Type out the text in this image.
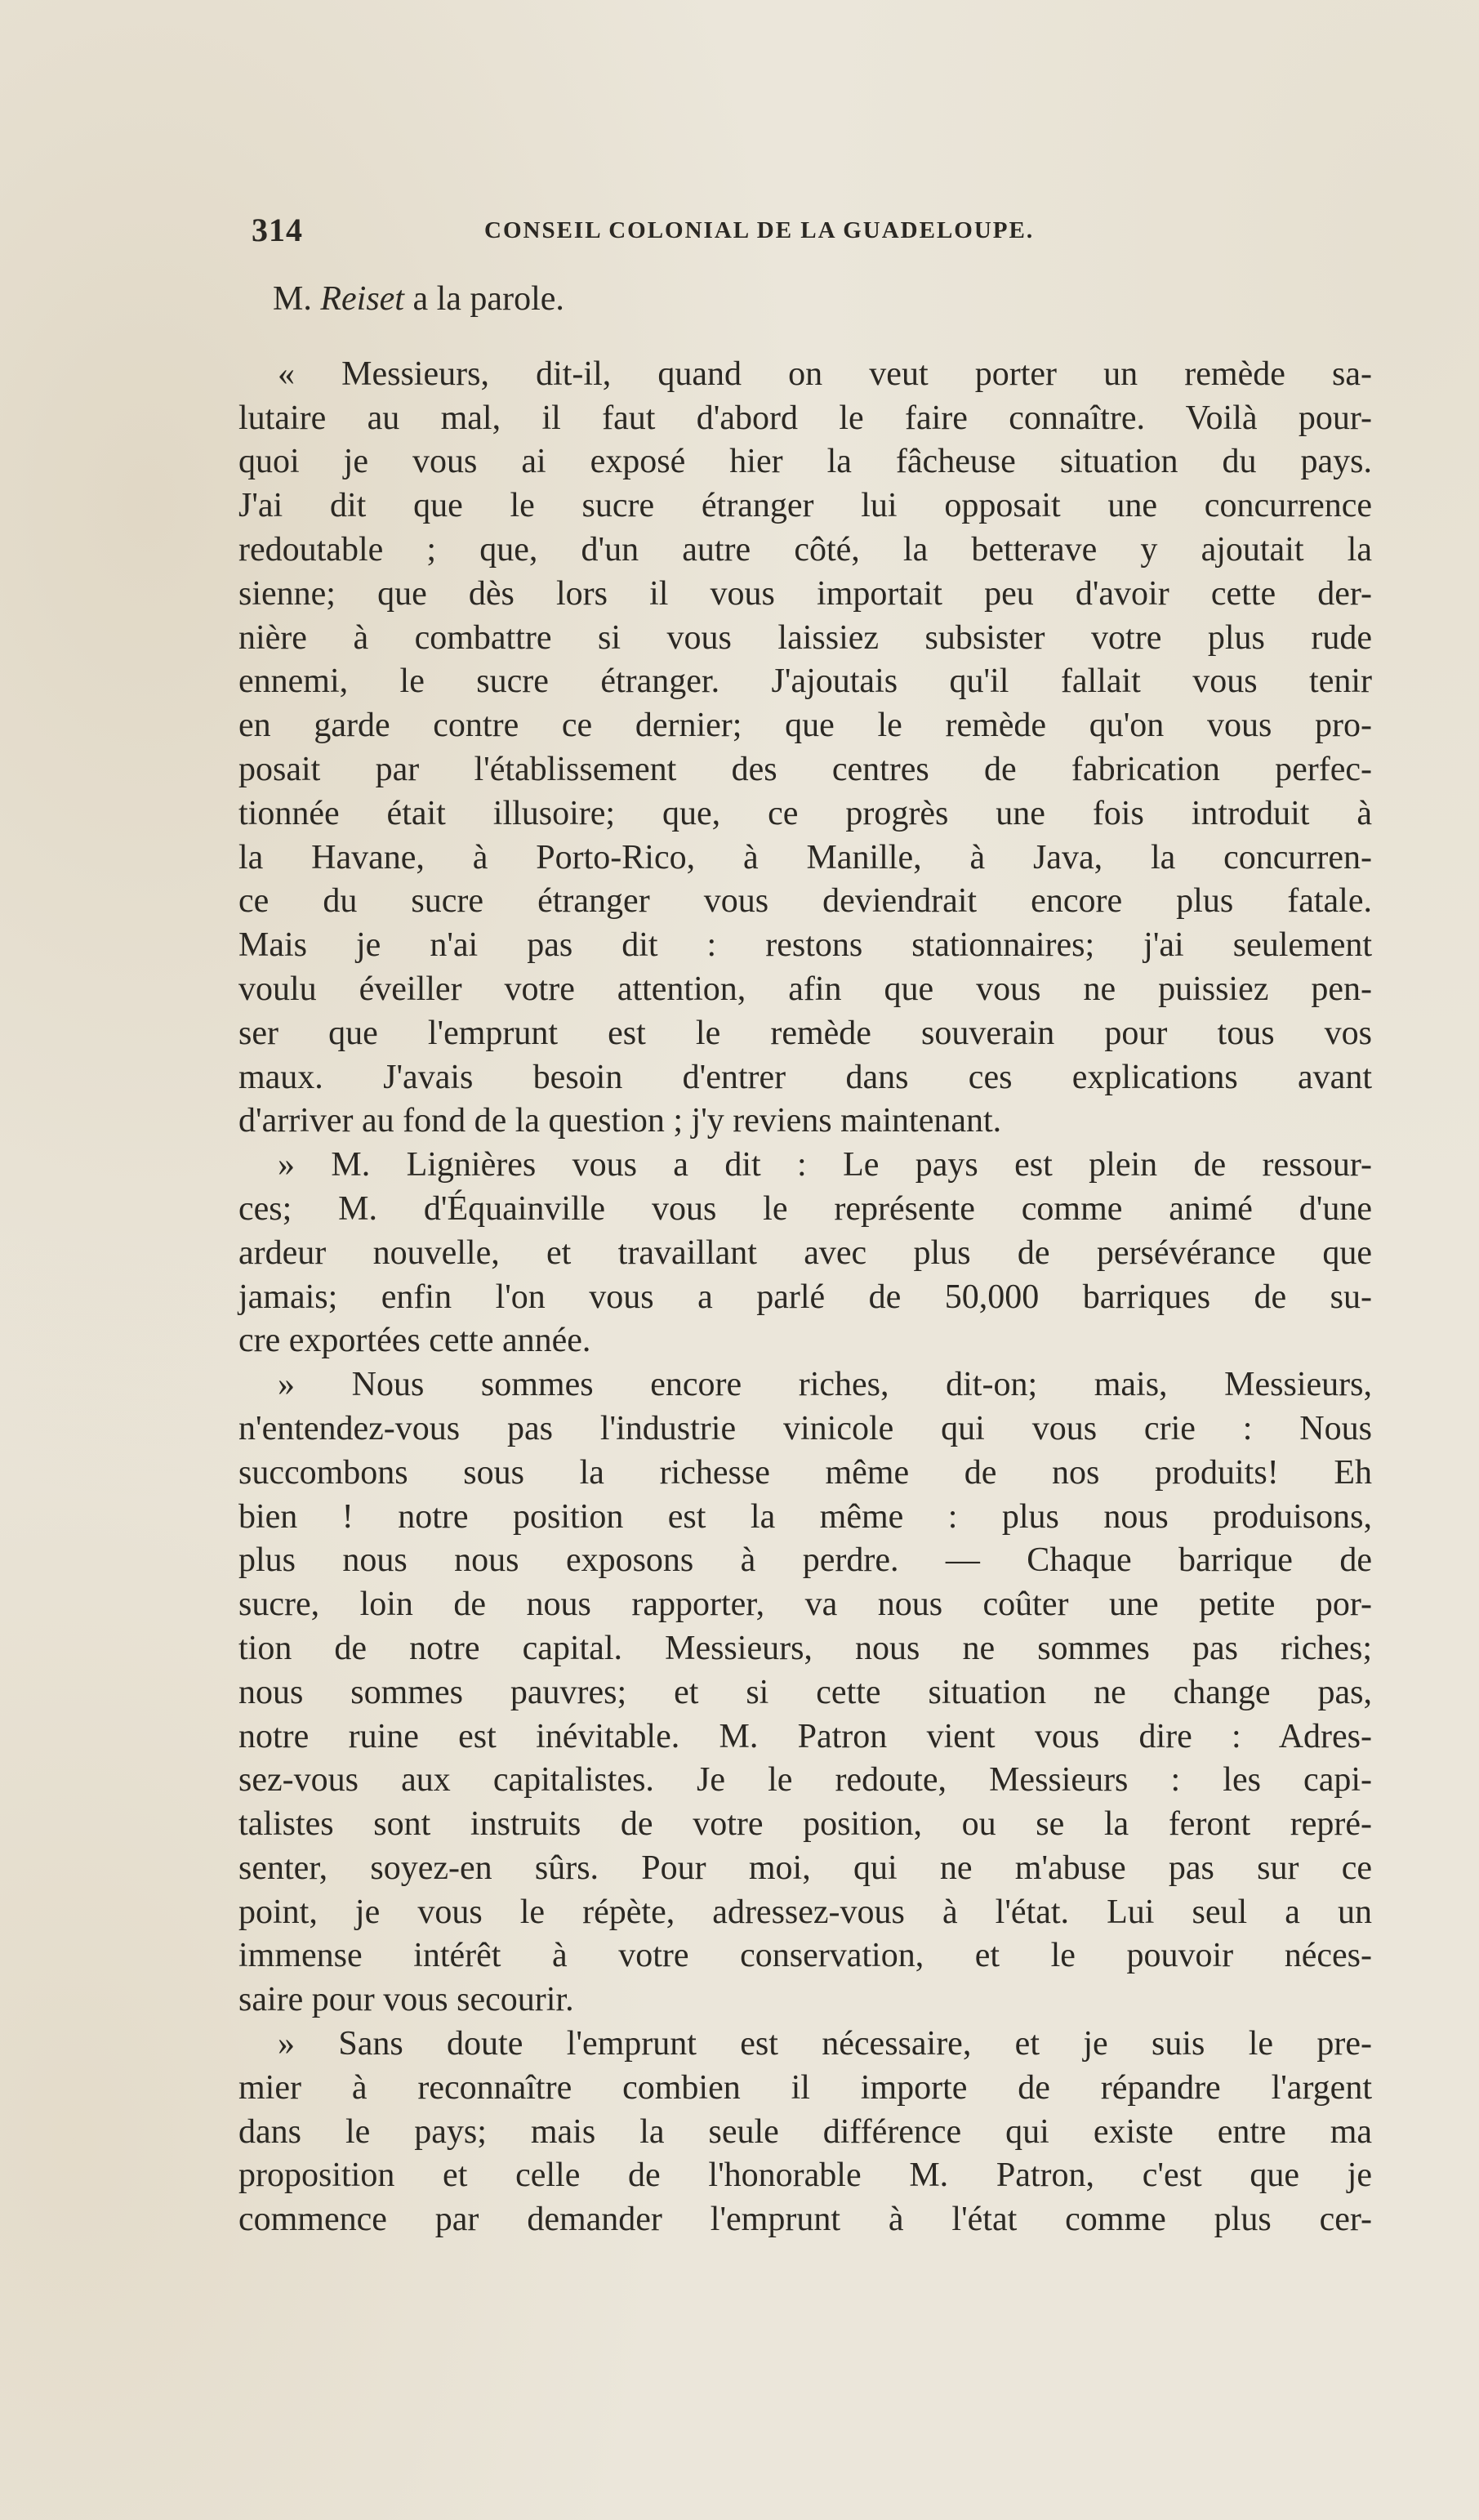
314	CONSEIL COLONIAL DE LA GUADELOUPE.
M. Reiset a la parole.
« Messieurs, dit-il, quand on veut porter un remède sa-
lutaire au mal, il faut d'abord le faire connaître. Voilà pour-
quoi je vous ai exposé hier la fâcheuse situation du pays.
J'ai dit que le sucre étranger lui opposait une concurrence
redoutable ; que, d'un autre côté, la betterave y ajoutait la
sienne; que dès lors il vous importait peu d'avoir cette der-
nière à combattre si vous laissiez subsister votre plus rude
ennemi, le sucre étranger. J'ajoutais qu'il fallait vous tenir
en garde contre ce dernier; que le remède qu'on vous pro-
posait par l'établissement des centres de fabrication perfec-
tionnée était illusoire; que, ce progrès une fois introduit à
la Havane, à Porto-Rico, à Manille, à Java, la concurren-
ce du sucre étranger vous deviendrait encore plus fatale.
Mais je n'ai pas dit : restons stationnaires; j'ai seulement
voulu éveiller votre attention, afin que vous ne puissiez pen-
ser que l'emprunt est le remède souverain pour tous vos
maux. J'avais besoin d'entrer dans ces explications avant
d'arriver au fond de la question ; j'y reviens maintenant.
» M. Lignières vous a dit : Le pays est plein de ressour-
ces; M. d'Équainville vous le représente comme animé d'une
ardeur nouvelle, et travaillant avec plus de persévérance que
jamais; enfin l'on vous a parlé de 50,000 barriques de su-
cre exportées cette année.
» Nous sommes encore riches, dit-on; mais, Messieurs,
n'entendez-vous pas l'industrie vinicole qui vous crie : Nous
succombons sous la richesse même de nos produits! Eh
bien ! notre position est la même : plus nous produisons,
plus nous nous exposons à perdre. — Chaque barrique de
sucre, loin de nous rapporter, va nous coûter une petite por-
tion de notre capital. Messieurs, nous ne sommes pas riches;
nous sommes pauvres; et si cette situation ne change pas,
notre ruine est inévitable. M. Patron vient vous dire : Adres-
sez-vous aux capitalistes. Je le redoute, Messieurs : les capi-
talistes sont instruits de votre position, ou se la feront repré-
senter, soyez-en sûrs. Pour moi, qui ne m'abuse pas sur ce
point, je vous le répète, adressez-vous à l'état. Lui seul a un
immense intérêt à votre conservation, et le pouvoir néces-
saire pour vous secourir.
» Sans doute l'emprunt est nécessaire, et je suis le pre-
mier à reconnaître combien il importe de répandre l'argent
dans le pays; mais la seule différence qui existe entre ma
proposition et celle de l'honorable M. Patron, c'est que je
commence par demander l'emprunt à l'état comme plus cer-
